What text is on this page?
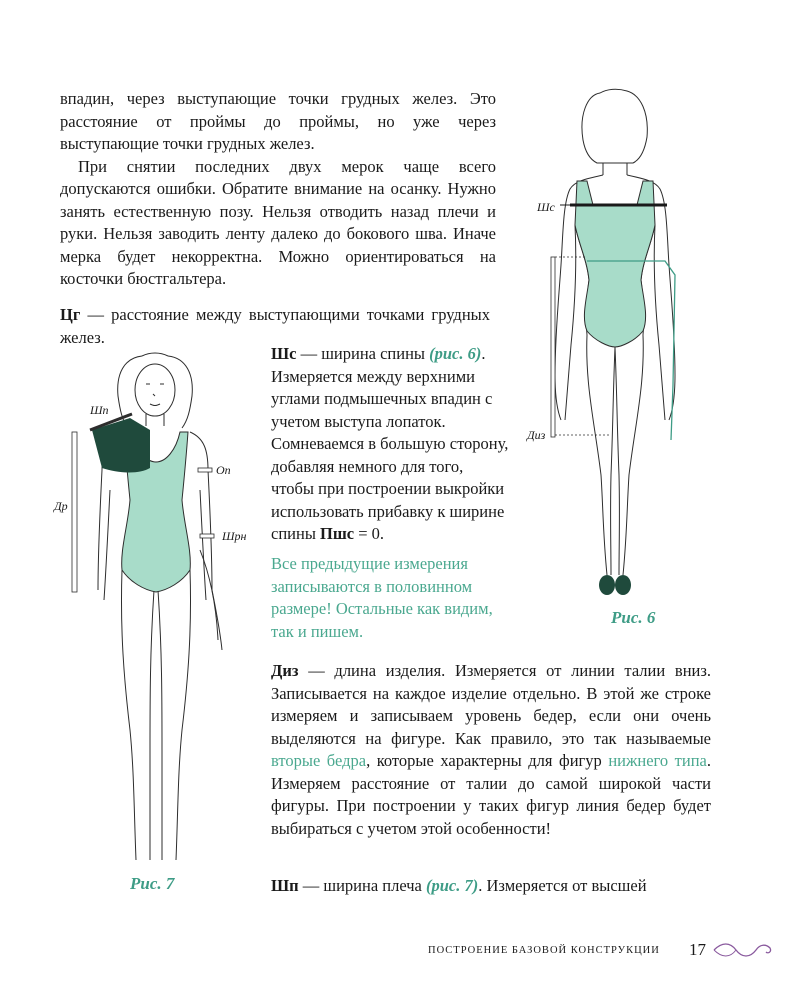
впадин, через выступающие точки грудных желез. Это расстояние от проймы до проймы, но уже через выступающие точки грудных желез.

При снятии последних двух мерок чаще всего допускаются ошибки. Обратите внимание на осанку. Нужно занять естественную позу. Нельзя отводить назад плечи и руки. Нельзя заводить ленту далеко до бокового шва. Иначе мерка будет некорректна. Можно ориентироваться на косточки бюстгальтера.

Цг — расстояние между выступающими точками грудных желез.

Шс — ширина спины (рис. 6). Измеряется между верхними углами подмышечных впадин с учетом выступа лопаток. Сомневаемся в большую сторону, добавляя немного для того, чтобы при построении выкройки использовать прибавку к ширине спины Пшс = 0.

Все предыдущие измерения записываются в половинном размере! Остальные как видим, так и пишем.

Диз — длина изделия. Измеряется от линии талии вниз. Записывается на каждое изделие отдельно. В этой же строке измеряем и записываем уровень бедер, если они очень выделяются на фигуре. Как правило, это так называемые вторые бедра, которые характерны для фигур нижнего типа. Измеряем расстояние от талии до самой широкой части фигуры. При построении у таких фигур линия бедер будет выбираться с учетом этой особенности!

Шп — ширина плеча (рис. 7). Измеряется от высшей

Шс
Диз
Рис. 6
Шп
Оп
Др
Шрн
Рис. 7
ПОСТРОЕНИЕ БАЗОВОЙ КОНСТРУКЦИИ 17
